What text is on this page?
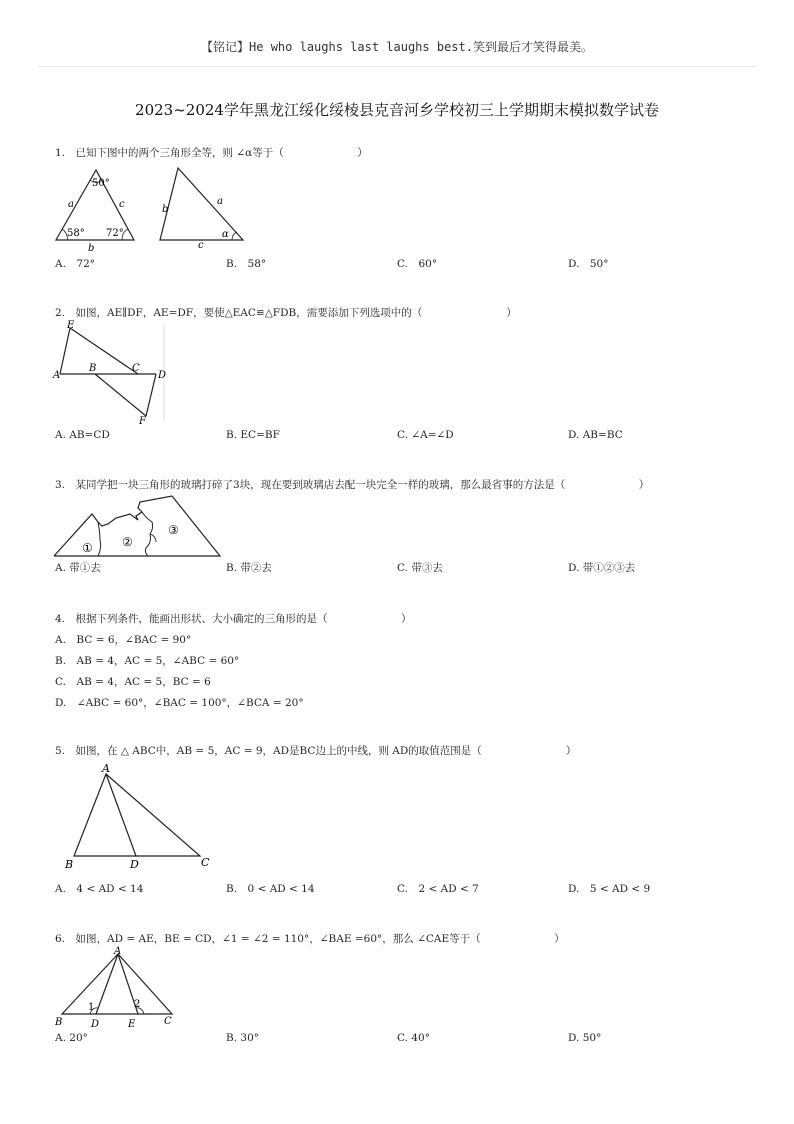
【铭记】He who laughs last laughs best.笑到最后才笑得最美。
2023~2024学年黑龙江绥化绥棱县克音河乡学校初三上学期期末模拟数学试卷
1.　已知下图中的两个三角形全等，则 ∠α等于（　　　　　　　）
50°
58° 72°
a	c
b
b
a
c
α
A.　72°	B.　58°	C.　60°	D.　50°
2.　如图，AE∥DF，AE=DF，要使△EAC≌△FDB，需要添加下列选项中的（　　　　　　　　）
E
A
B	C
D
F
A. AB=CD	B. EC=BF	C. ∠A=∠D	D. AB=BC
3.　某同学把一块三角形的玻璃打碎了3块，现在要到玻璃店去配一块完全一样的玻璃，那么最省事的方法是（　　　　　　　）
① ②
③
A. 带①去	B. 带②去	C. 带③去	D. 带①②③去
4.　根据下列条件，能画出形状、大小确定的三角形的是（　　　　　　　）
A.　BC = 6，∠BAC = 90°
B.　AB = 4，AC = 5，∠ABC = 60°
C.　AB = 4，AC = 5，BC = 6
D.　∠ABC = 60°，∠BAC = 100°，∠BCA = 20°
5.　如图，在 △ ABC中，AB = 5，AC = 9，AD是BC边上的中线，则 AD的取值范围是（　　　　　　　　）
A
B	D	C
A.　4 < AD < 14	B.　0 < AD < 14	C.　2 < AD < 7	D.　5 < AD < 9
6.　如图，AD = AE，BE = CD，∠1 = ∠2 = 110°，∠BAE =60°，那么 ∠CAE等于（　　　　　　　）
A
B	D	E	C
1	2
A. 20°	B. 30°	C. 40°	D. 50°
